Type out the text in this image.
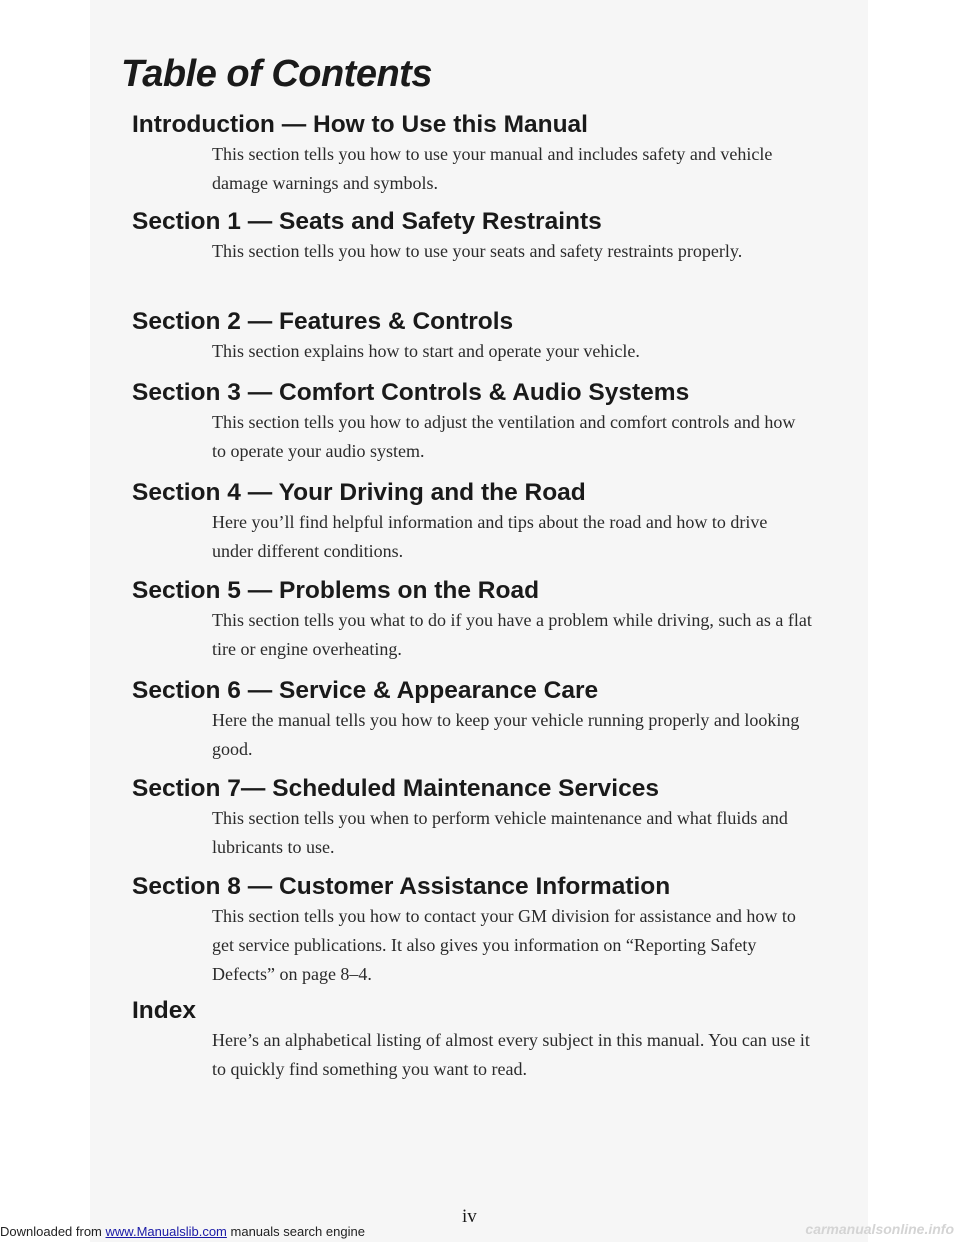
Table of Contents
Introduction — How to Use this Manual

This section tells you how to use your manual and includes safety and vehicle damage warnings and symbols.

Section 1 — Seats and Safety Restraints

This section tells you how to use your seats and safety restraints properly.

Section 2 — Features & Controls

This section explains how to start and operate your vehicle.

Section 3 — Comfort Controls & Audio Systems

This section tells you how to adjust the ventilation and comfort controls and how to operate your audio system.

Section 4 — Your Driving and the Road

Here you’ll find helpful information and tips about the road and how to drive under different conditions.

Section 5 — Problems on the Road

This section tells you what to do if you have a problem while driving, such as a flat tire or engine overheating.

Section 6 — Service & Appearance Care

Here the manual tells you how to keep your vehicle running properly and looking good.

Section 7— Scheduled Maintenance Services

This section tells you when to perform vehicle maintenance and what fluids and lubricants to use.

Section 8 — Customer Assistance Information

This section tells you how to contact your GM division for assistance and how to get service publications. It also gives you information on “Reporting Safety Defects” on page 8–4.

Index

Here’s an alphabetical listing of almost every subject in this manual. You can use it to quickly find something you want to read.

iv
Downloaded from www.Manualslib.com manuals search engine	carmanualsonline.info
